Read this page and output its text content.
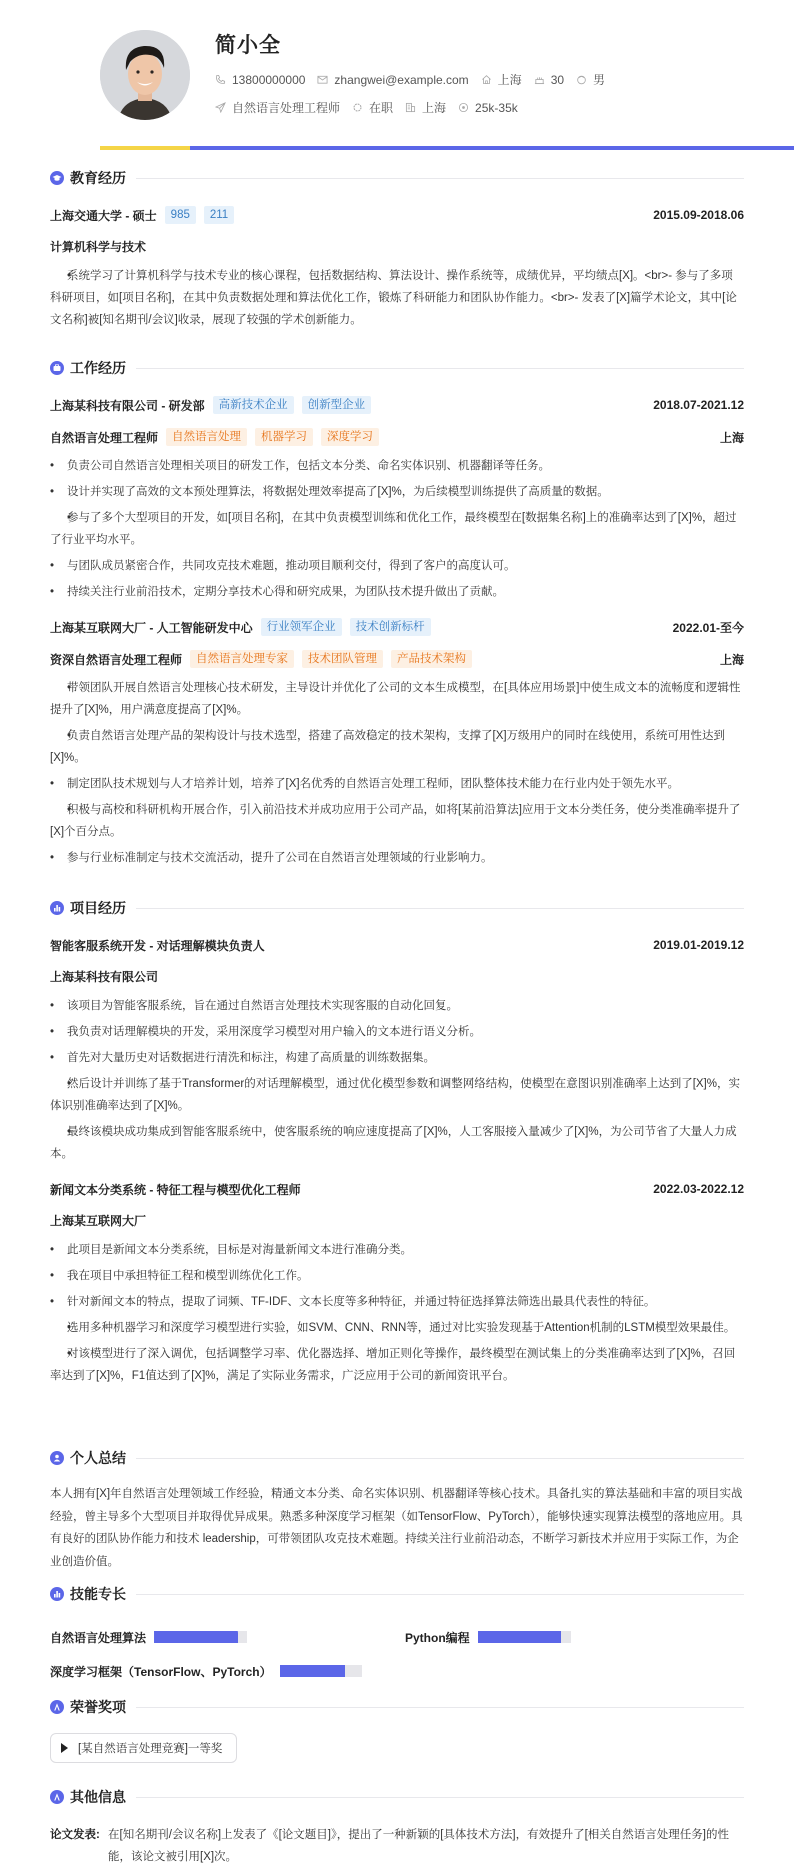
简小全
13800000000 zhangwei@example.com 上海 30 男
自然语言处理工程师 在职 上海 25k-35k
教育经历
上海交通大学 - 硕士	985	211	2015.09-2018.06
计算机科学与技术
• 系统学习了计算机科学与技术专业的核心课程，包括数据结构、算法设计、操作系统等，成绩优异，平均绩点[X]。<br>- 参与了多项科研项目，如[项目名称]，在其中负责数据处理和算法优化工作，锻炼了科研能力和团队协作能力。<br>- 发表了[X]篇学术论文，其中[论文名称]被[知名期刊/会议]收录，展现了较强的学术创新能力。
工作经历
上海某科技有限公司 - 研发部	高新技术企业	创新型企业	2018.07-2021.12
自然语言处理工程师	自然语言处理	机器学习	深度学习	上海
• 负责公司自然语言处理相关项目的研发工作，包括文本分类、命名实体识别、机器翻译等任务。
• 设计并实现了高效的文本预处理算法，将数据处理效率提高了[X]%，为后续模型训练提供了高质量的数据。
• 参与了多个大型项目的开发，如[项目名称]，在其中负责模型训练和优化工作，最终模型在[数据集名称]上的准确率达到了[X]%，超过了行业平均水平。
• 与团队成员紧密合作，共同攻克技术难题，推动项目顺利交付，得到了客户的高度认可。
• 持续关注行业前沿技术，定期分享技术心得和研究成果，为团队技术提升做出了贡献。
上海某互联网大厂 - 人工智能研发中心	行业领军企业	技术创新标杆	2022.01-至今
资深自然语言处理工程师	自然语言处理专家	技术团队管理	产品技术架构	上海
• 带领团队开展自然语言处理核心技术研发，主导设计并优化了公司的文本生成模型，在[具体应用场景]中使生成文本的流畅度和逻辑性提升了[X]%，用户满意度提高了[X]%。
• 负责自然语言处理产品的架构设计与技术选型，搭建了高效稳定的技术架构，支撑了[X]万级用户的同时在线使用，系统可用性达到[X]%。
• 制定团队技术规划与人才培养计划，培养了[X]名优秀的自然语言处理工程师，团队整体技术能力在行业内处于领先水平。
• 积极与高校和科研机构开展合作，引入前沿技术并成功应用于公司产品，如将[某前沿算法]应用于文本分类任务，使分类准确率提升了[X]个百分点。
• 参与行业标准制定与技术交流活动，提升了公司在自然语言处理领域的行业影响力。
项目经历
智能客服系统开发 - 对话理解模块负责人	2019.01-2019.12
上海某科技有限公司
• 该项目为智能客服系统，旨在通过自然语言处理技术实现客服的自动化回复。
• 我负责对话理解模块的开发，采用深度学习模型对用户输入的文本进行语义分析。
• 首先对大量历史对话数据进行清洗和标注，构建了高质量的训练数据集。
• 然后设计并训练了基于Transformer的对话理解模型，通过优化模型参数和调整网络结构，使模型在意图识别准确率上达到了[X]%，实体识别准确率达到了[X]%。
• 最终该模块成功集成到智能客服系统中，使客服系统的响应速度提高了[X]%，人工客服接入量减少了[X]%，为公司节省了大量人力成本。
新闻文本分类系统 - 特征工程与模型优化工程师	2022.03-2022.12
上海某互联网大厂
• 此项目是新闻文本分类系统，目标是对海量新闻文本进行准确分类。
• 我在项目中承担特征工程和模型训练优化工作。
• 针对新闻文本的特点，提取了词频、TF-IDF、文本长度等多种特征，并通过特征选择算法筛选出最具代表性的特征。
• 选用多种机器学习和深度学习模型进行实验，如SVM、CNN、RNN等，通过对比实验发现基于Attention机制的LSTM模型效果最佳。
• 对该模型进行了深入调优，包括调整学习率、优化器选择、增加正则化等操作，最终模型在测试集上的分类准确率达到了[X]%，召回率达到了[X]%，F1值达到了[X]%，满足了实际业务需求，广泛应用于公司的新闻资讯平台。
个人总结

本人拥有[X]年自然语言处理领域工作经验，精通文本分类、命名实体识别、机器翻译等核心技术。具备扎实的算法基础和丰富的项目实战经验，曾主导多个大型项目并取得优异成果。熟悉多种深度学习框架（如TensorFlow、PyTorch），能够快速实现算法模型的落地应用。具有良好的团队协作能力和技术 leadership，可带领团队攻克技术难题。持续关注行业前沿动态，不断学习新技术并应用于实际工作，为企业创造价值。

技能专长
自然语言处理算法	Python编程
深度学习框架（TensorFlow、PyTorch）
荣誉奖项
[某自然语言处理竞赛]一等奖
其他信息
论文发表: 在[知名期刊/会议名称]上发表了《[论文题目]》，提出了一种新颖的[具体技术方法]，有效提升了[相关自然语言处理任务]的性能，该论文被引用[X]次。
